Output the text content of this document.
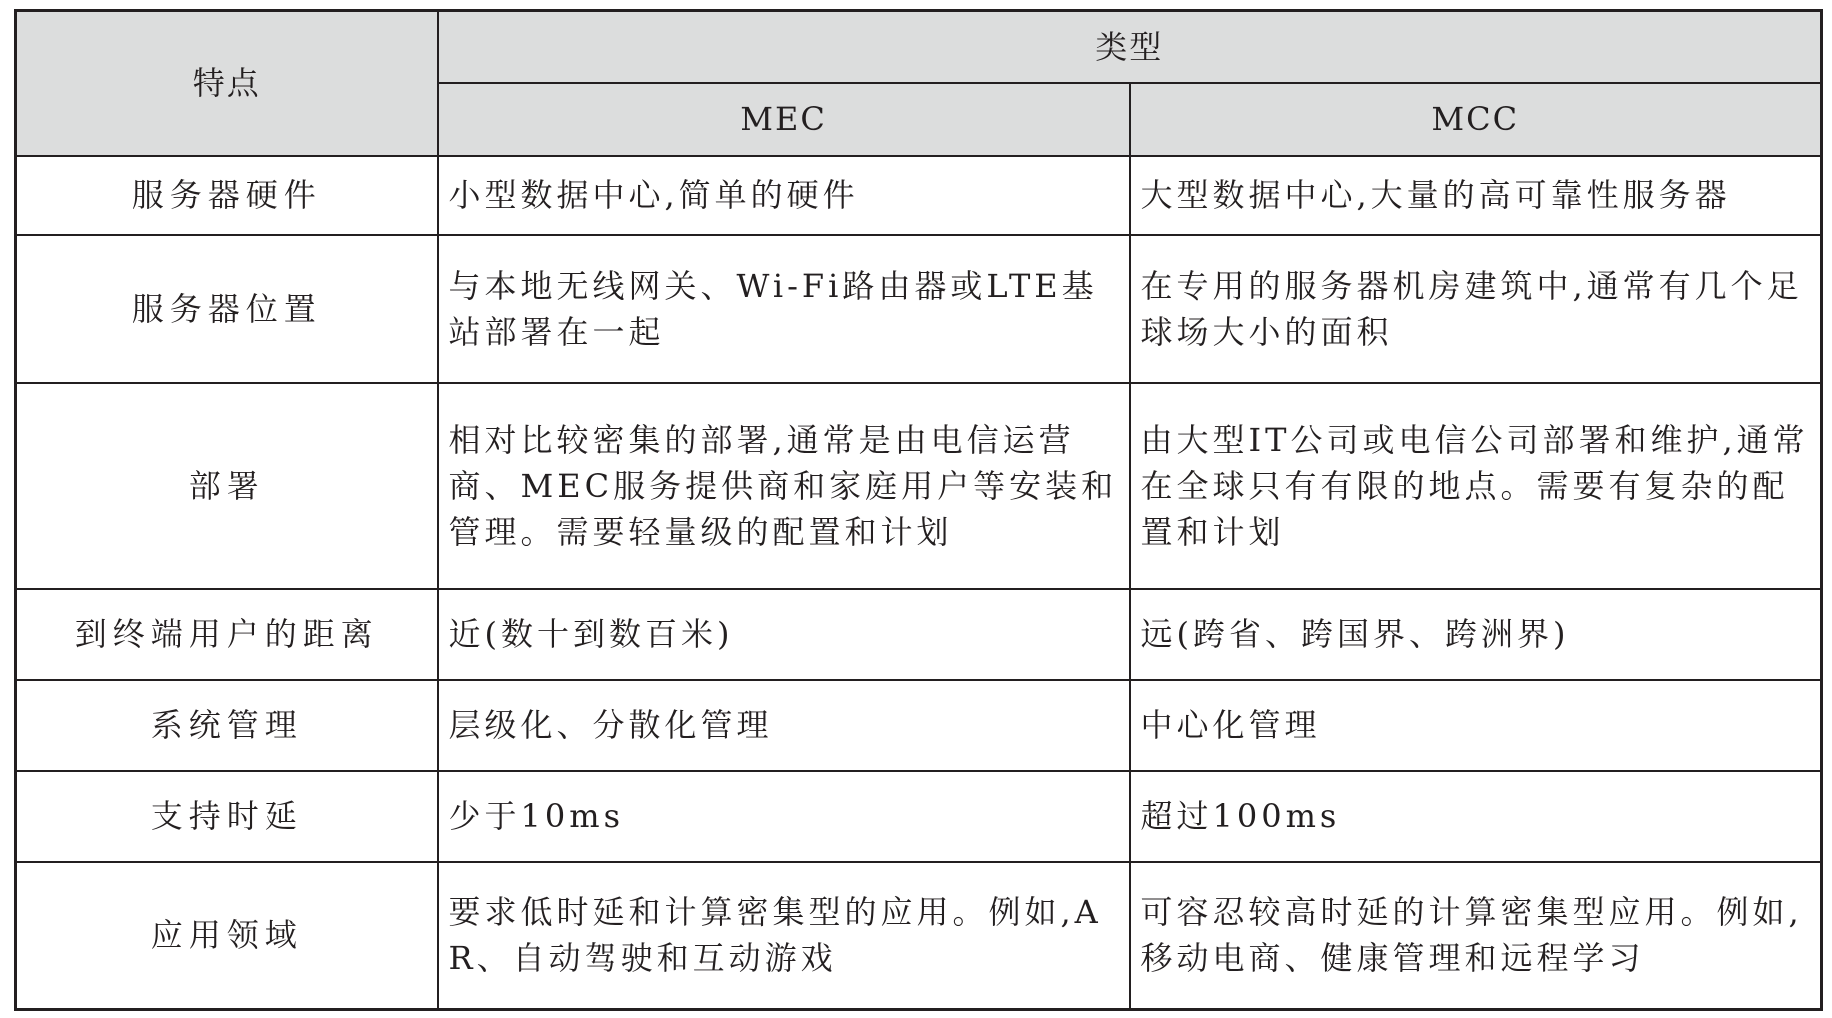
特点	类型	
	MEC	MCC
服务器硬件	小型数据中心,简单的硬件	大型数据中心,大量的高可靠性服务器
服务器位置	与本地无线网关、Wi-Fi路由器或LTE基站部署在一起	在专用的服务器机房建筑中,通常有几个足球场大小的面积
部署	相对比较密集的部署,通常是由电信运营商、MEC服务提供商和家庭用户等安装和管理。需要轻量级的配置和计划	由大型IT公司或电信公司部署和维护,通常在全球只有有限的地点。需要有复杂的配置和计划
到终端用户的距离	近(数十到数百米)	远(跨省、跨国界、跨洲界)
系统管理	层级化、分散化管理	中心化管理
支持时延	少于10ms	超过100ms
应用领域	要求低时延和计算密集型的应用。例如,AR、自动驾驶和互动游戏	可容忍较高时延的计算密集型应用。例如,移动电商、健康管理和远程学习
